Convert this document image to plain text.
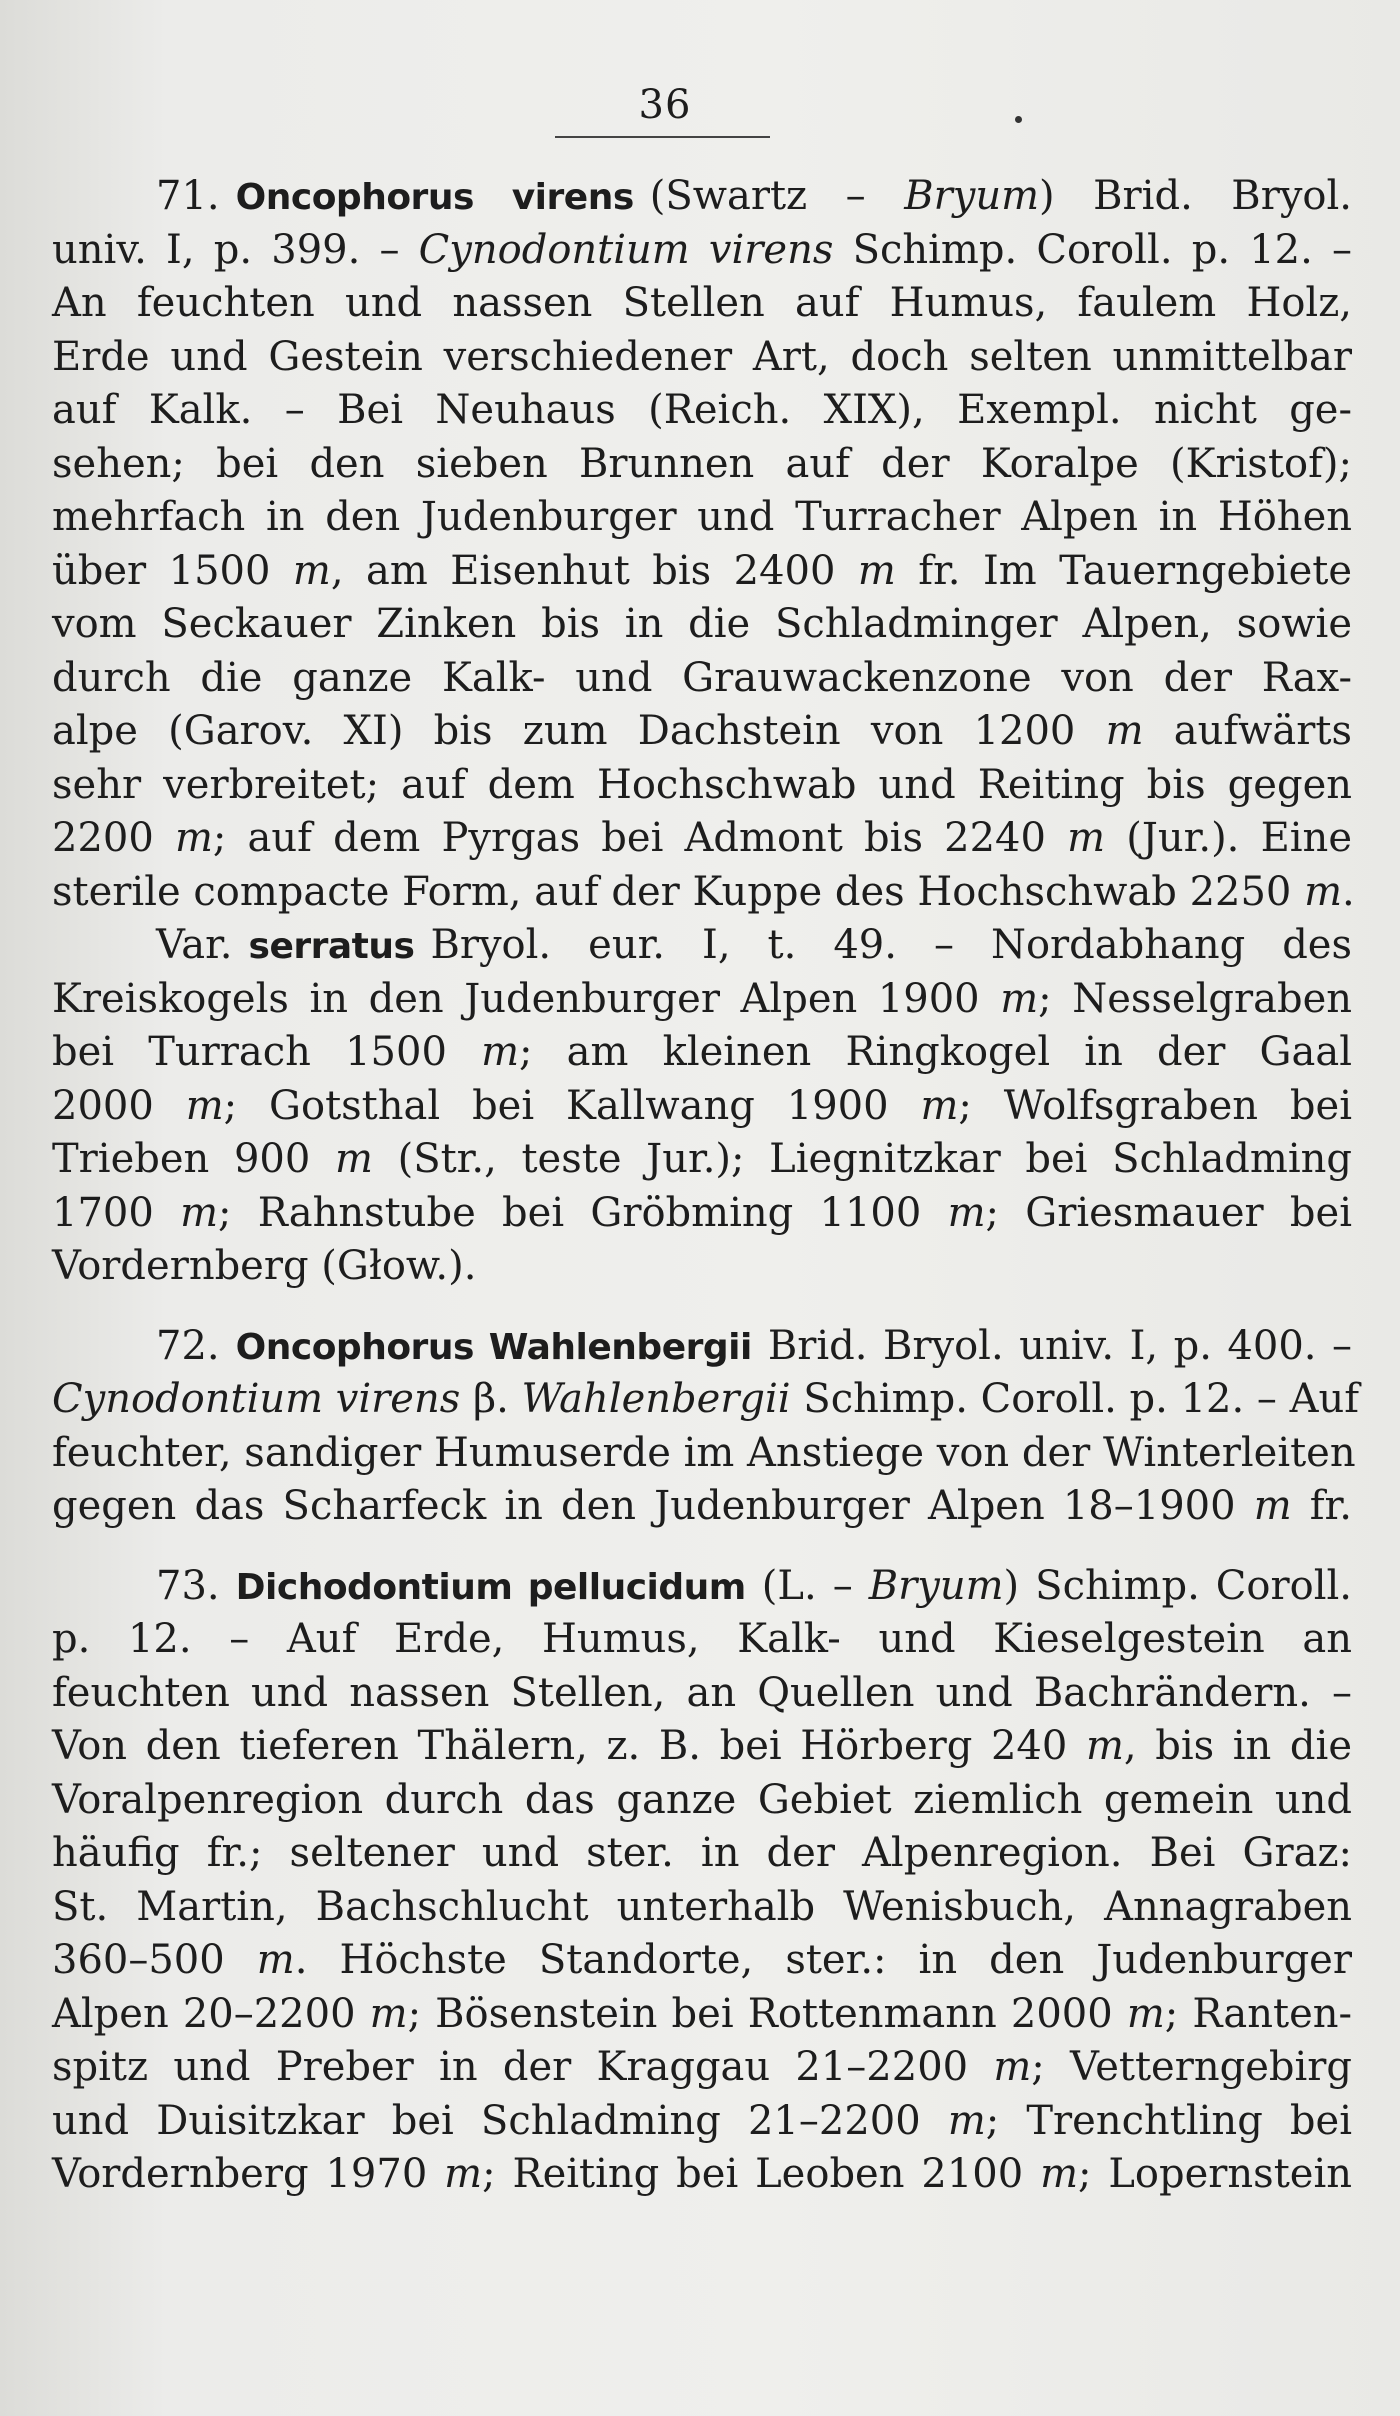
36
71. Oncophorus virens (Swartz – Bryum) Brid. Bryol.
univ. I, p. 399. – Cynodontium virens Schimp. Coroll. p. 12. –
An feuchten und nassen Stellen auf Humus, faulem Holz,
Erde und Gestein verschiedener Art, doch selten unmittelbar
auf Kalk. – Bei Neuhaus (Reich. XIX), Exempl. nicht ge-
sehen; bei den sieben Brunnen auf der Koralpe (Kristof);
mehrfach in den Judenburger und Turracher Alpen in Höhen
über 1500 m, am Eisenhut bis 2400 m fr. Im Tauerngebiete
vom Seckauer Zinken bis in die Schladminger Alpen, sowie
durch die ganze Kalk- und Grauwackenzone von der Rax-
alpe (Garov. XI) bis zum Dachstein von 1200 m aufwärts
sehr verbreitet; auf dem Hochschwab und Reiting bis gegen
2200 m; auf dem Pyrgas bei Admont bis 2240 m (Jur.). Eine
sterile compacte Form, auf der Kuppe des Hochschwab 2250 m.
Var. serratus Bryol. eur. I, t. 49. – Nordabhang des
Kreiskogels in den Judenburger Alpen 1900 m; Nesselgraben
bei Turrach 1500 m; am kleinen Ringkogel in der Gaal
2000 m; Gotsthal bei Kallwang 1900 m; Wolfsgraben bei
Trieben 900 m (Str., teste Jur.); Liegnitzkar bei Schladming
1700 m; Rahnstube bei Gröbming 1100 m; Griesmauer bei
Vordernberg (Głow.).
72. Oncophorus Wahlenbergii Brid. Bryol. univ. I, p. 400. –
Cynodontium virens β. Wahlenbergii Schimp. Coroll. p. 12. – Auf
feuchter, sandiger Humuserde im Anstiege von der Winterleiten
gegen das Scharfeck in den Judenburger Alpen 18–1900 m fr.
73. Dichodontium pellucidum (L. – Bryum) Schimp. Coroll.
p. 12. – Auf Erde, Humus, Kalk- und Kieselgestein an
feuchten und nassen Stellen, an Quellen und Bachrändern. –
Von den tieferen Thälern, z. B. bei Hörberg 240 m, bis in die
Voralpenregion durch das ganze Gebiet ziemlich gemein und
häufig fr.; seltener und ster. in der Alpenregion. Bei Graz:
St. Martin, Bachschlucht unterhalb Wenisbuch, Annagraben
360–500 m. Höchste Standorte, ster.: in den Judenburger
Alpen 20–2200 m; Bösenstein bei Rottenmann 2000 m; Ranten-
spitz und Preber in der Kraggau 21–2200 m; Vetterngebirg
und Duisitzkar bei Schladming 21–2200 m; Trenchtling bei
Vordernberg 1970 m; Reiting bei Leoben 2100 m; Lopernstein
